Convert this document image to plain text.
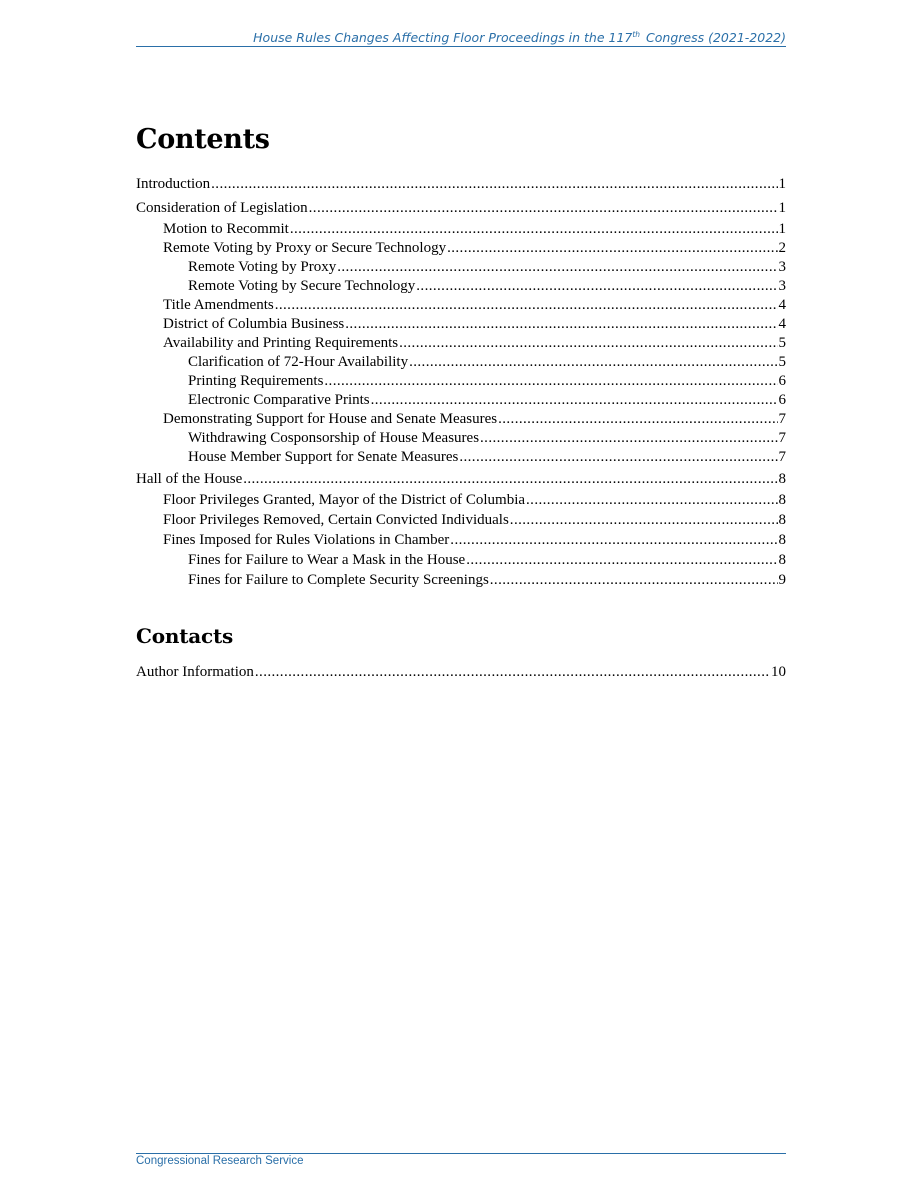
House Rules Changes Affecting Floor Proceedings in the 117th Congress (2021-2022)
Contents
Introduction .....	1
Consideration of Legislation .....	1
Motion to Recommit .....	1
Remote Voting by Proxy or Secure Technology .....	2
Remote Voting by Proxy .....	3
Remote Voting by Secure Technology .....	3
Title Amendments .....	4
District of Columbia Business .....	4
Availability and Printing Requirements .....	5
Clarification of 72-Hour Availability .....	5
Printing Requirements .....	6
Electronic Comparative Prints .....	6
Demonstrating Support for House and Senate Measures .....	7
Withdrawing Cosponsorship of House Measures .....	7
House Member Support for Senate Measures .....	7
Hall of the House .....	8
Floor Privileges Granted, Mayor of the District of Columbia .....	8
Floor Privileges Removed, Certain Convicted Individuals .....	8
Fines Imposed for Rules Violations in Chamber .....	8
Fines for Failure to Wear a Mask in the House .....	8
Fines for Failure to Complete Security Screenings .....	9
Contacts
Author Information .....	10
Congressional Research Service
